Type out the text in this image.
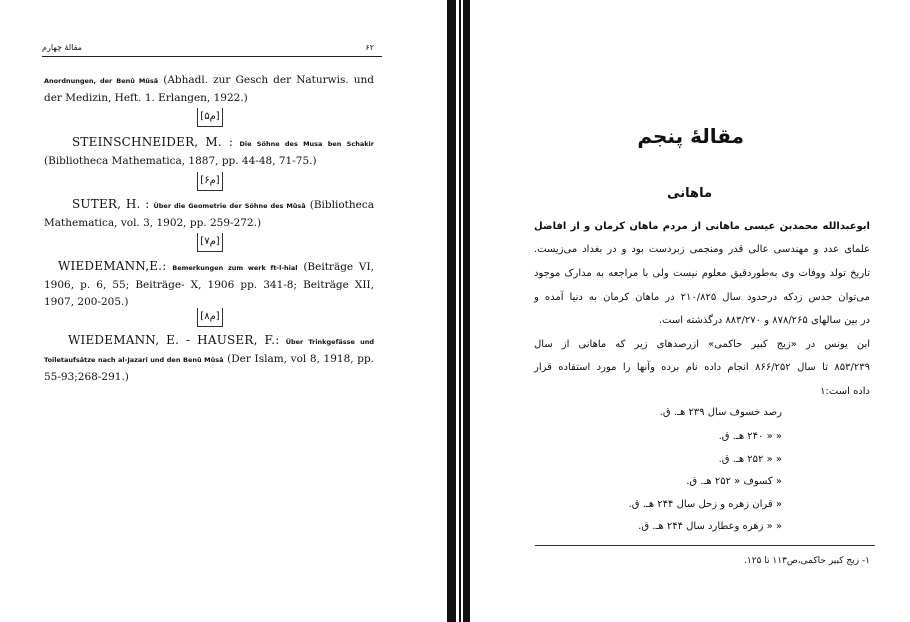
مقالهٔ چهارم	۶۲
Anordnungen, der Benû Mûsâ (Abhadl. zur Gesch der Naturwis. und der Medizin, Heft. 1. Erlangen, 1922.)
[۵م]
STEINSCHNEIDER, M. : Die Söhne des Musa ben Schakir (Bibliotheca Mathematica, 1887, pp. 44-48, 71-75.)
[۶م]
SUTER, H. : Über die Geometrie der Söhne des Mûsâ (Bibliotheca Mathematica, vol. 3, 1902, pp. 259-272.)
[۷م]
WIEDEMANN,E.: Bemerkungen zum werk ft-l-hial (Beiträge VI, 1906, p. 6, 55; Beiträge- X, 1906 pp. 341-8; Beiträge XII, 1907, 200-205.)
[۸م]
WIEDEMANN, E. - HAUSER, F.: Über Trinkgefässe und Toiletaufsätze nach al-Jazarî und den Benû Mûsâ (Der Islam, vol 8, 1918, pp. 55-93;268-291.)
مقالهٔ پنجم
ماهانی
ابوعبدالله محمدبن عیسی ماهانی از مردم ماهان کرمان و از افاضل
علمای عدد و مهندسی عالی قدر ومنجمی زبردست بود و در بغداد می‌زیست.
تاریخ تولد ووفات وی به‌طوردقیق معلوم نیست ولی با مراجعه به مدارک موجود
می‌توان حدس زدکه درحدود سال ۲۱۰/۸۲۵ در ماهان کرمان به دنیا آمده و
در بین سالهای ۸۷۸/۲۶۵ و ۸۸۳/۲۷۰ درگذشته است.
ابن یونس در «زیج کبیر حاکمی» ازرصدهای زیر که ماهانی از سال
۸۵۳/۲۳۹ تا سال ۸۶۶/۲۵۲ انجام داده نام برده وآنها را مورد استفاده قرار
داده است:۱
رصد خسوف سال ۲۳۹ هـ. ق.
« « ۲۴۰ هـ. ق.
« « ۲۵۲ هـ. ق.
« کسوف « ۲۵۲ هـ. ق.
« قران زهره و زحل سال ۲۴۴ هـ. ق.
« « زهره وعطارد سال ۲۴۴ هـ. ق.
۱- زیج کبیر حاکمی،ص۱۱۳ تا ۱۲۵.
